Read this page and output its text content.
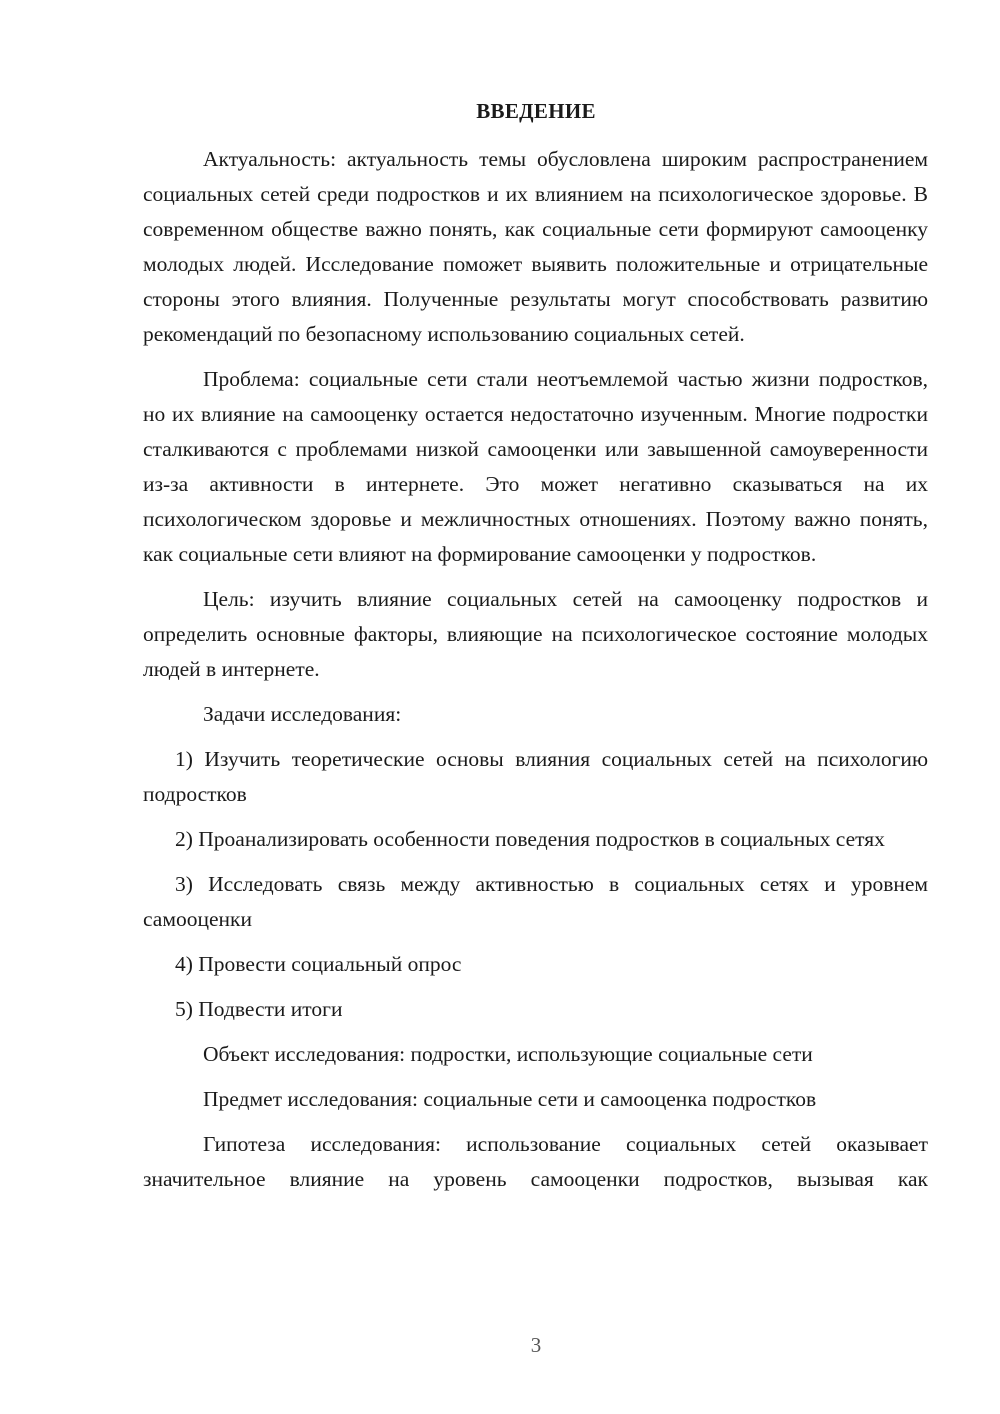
ВВЕДЕНИЕ

Актуальность: актуальность темы обусловлена широким распространением социальных сетей среди подростков и их влиянием на психологическое здоровье. В современном обществе важно понять, как социальные сети формируют самооценку молодых людей. Исследование поможет выявить положительные и отрицательные стороны этого влияния. Полученные результаты могут способствовать развитию рекомендаций по безопасному использованию социальных сетей.

Проблема: социальные сети стали неотъемлемой частью жизни подростков, но их влияние на самооценку остается недостаточно изученным. Многие подростки сталкиваются с проблемами низкой самооценки или завышенной самоуверенности из-за активности в интернете. Это может негативно сказываться на их психологическом здоровье и межличностных отношениях. Поэтому важно понять, как социальные сети влияют на формирование самооценки у подростков.

Цель: изучить влияние социальных сетей на самооценку подростков и определить основные факторы, влияющие на психологическое состояние молодых людей в интернете.

Задачи исследования:

1) Изучить теоретические основы влияния социальных сетей на психологию подростков

2) Проанализировать особенности поведения подростков в социальных сетях

3) Исследовать связь между активностью в социальных сетях и уровнем самооценки

4) Провести социальный опрос

5) Подвести итоги

Объект исследования: подростки, использующие социальные сети

Предмет исследования: социальные сети и самооценка подростков

Гипотеза исследования: использование социальных сетей оказывает значительное влияние на уровень самооценки подростков, вызывая как

3
